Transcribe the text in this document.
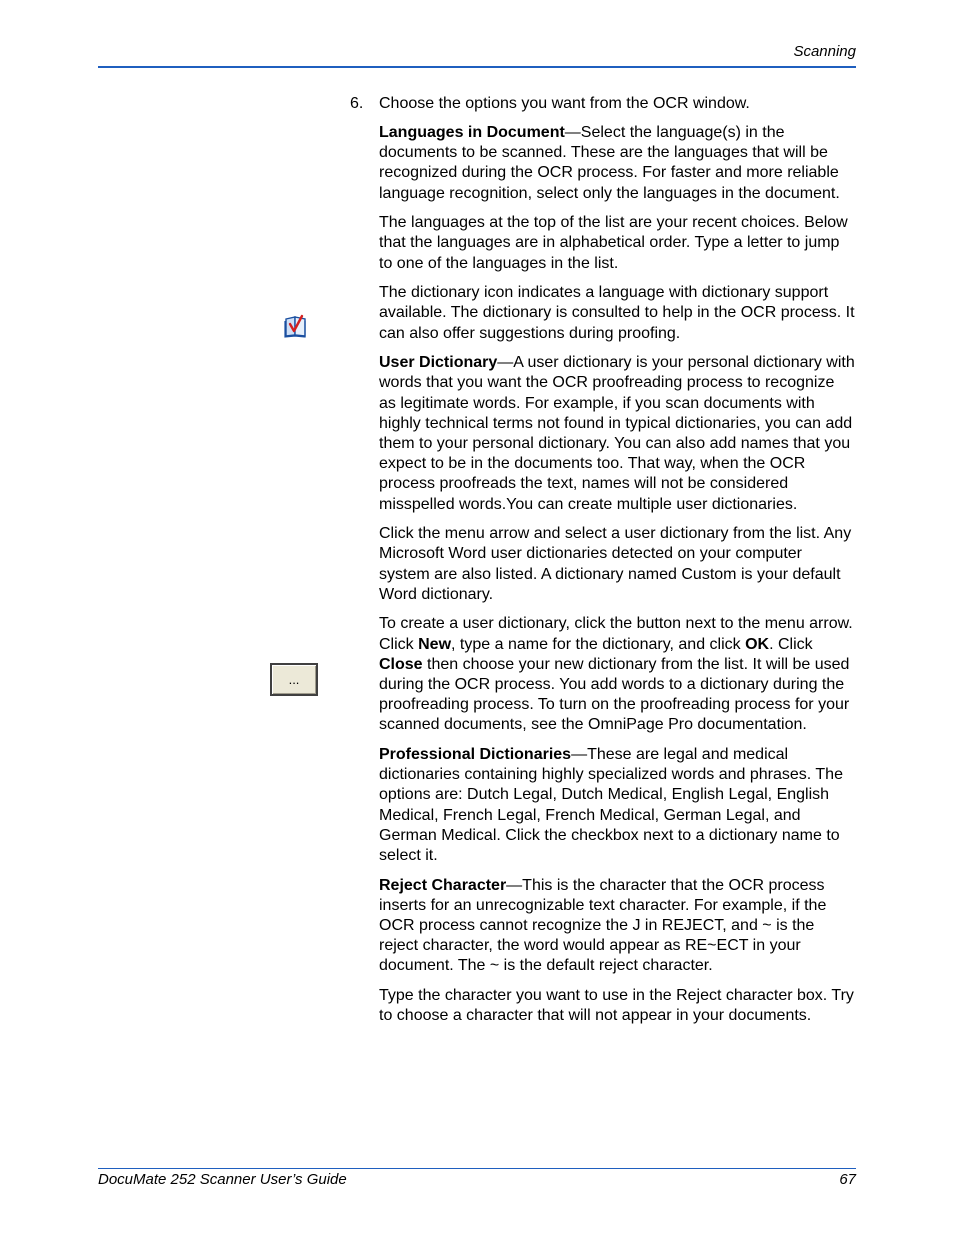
Scanning
6. Choose the options you want from the OCR window.

Languages in Document—Select the language(s) in the documents to be scanned. These are the languages that will be recognized during the OCR process. For faster and more reliable language recognition, select only the languages in the document.

The languages at the top of the list are your recent choices. Below that the languages are in alphabetical order. Type a letter to jump to one of the languages in the list.

The dictionary icon indicates a language with dictionary support available. The dictionary is consulted to help in the OCR process. It can also offer suggestions during proofing.

User Dictionary—A user dictionary is your personal dictionary with words that you want the OCR proofreading process to recognize as legitimate words. For example, if you scan documents with highly technical terms not found in typical dictionaries, you can add them to your personal dictionary. You can also add names that you expect to be in the documents too. That way, when the OCR process proofreads the text, names will not be considered misspelled words.You can create multiple user dictionaries.

Click the menu arrow and select a user dictionary from the list. Any Microsoft Word user dictionaries detected on your computer system are also listed. A dictionary named Custom is your default Word dictionary.

To create a user dictionary, click the button next to the menu arrow. Click New, type a name for the dictionary, and click OK. Click Close then choose your new dictionary from the list. It will be used during the OCR process. You add words to a dictionary during the proofreading process. To turn on the proofreading process for your scanned documents, see the OmniPage Pro documentation.

Professional Dictionaries—These are legal and medical dictionaries containing highly specialized words and phrases. The options are: Dutch Legal, Dutch Medical, English Legal, English Medical, French Legal, French Medical, German Legal, and German Medical. Click the checkbox next to a dictionary name to select it.

Reject Character—This is the character that the OCR process inserts for an unrecognizable text character. For example, if the OCR process cannot recognize the J in REJECT, and ~ is the reject character, the word would appear as RE~ECT in your document. The ~ is the default reject character.

Type the character you want to use in the Reject character box. Try to choose a character that will not appear in your documents.

...
DocuMate 252 Scanner User’s Guide	67
